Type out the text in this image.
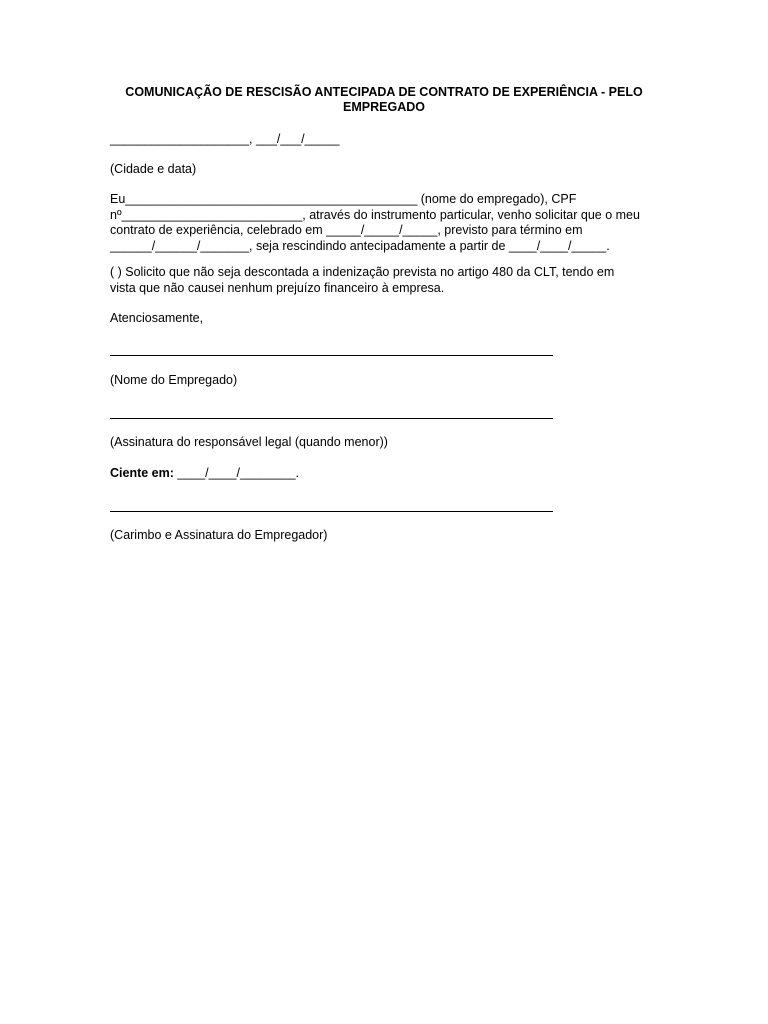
COMUNICAÇÃO DE RESCISÃO ANTECIPADA DE CONTRATO DE EXPERIÊNCIA - PELO
EMPREGADO

____________________, ___/___/_____

(Cidade e data)

Eu__________________________________________ (nome do empregado), CPF
nº__________________________, através do instrumento particular, venho solicitar que o meu
contrato de experiência, celebrado em _____/_____/_____, previsto para término em
______/______/_______, seja rescindindo antecipadamente a partir de ____/____/_____.
( ) Solicito que não seja descontada a indenização prevista no artigo 480 da CLT, tendo em
vista que não causei nenhum prejuízo financeiro à empresa.

Atenciosamente,

(Nome do Empregado)

(Assinatura do responsável legal (quando menor))

Ciente em: ____/____/________.

(Carimbo e Assinatura do Empregador)
